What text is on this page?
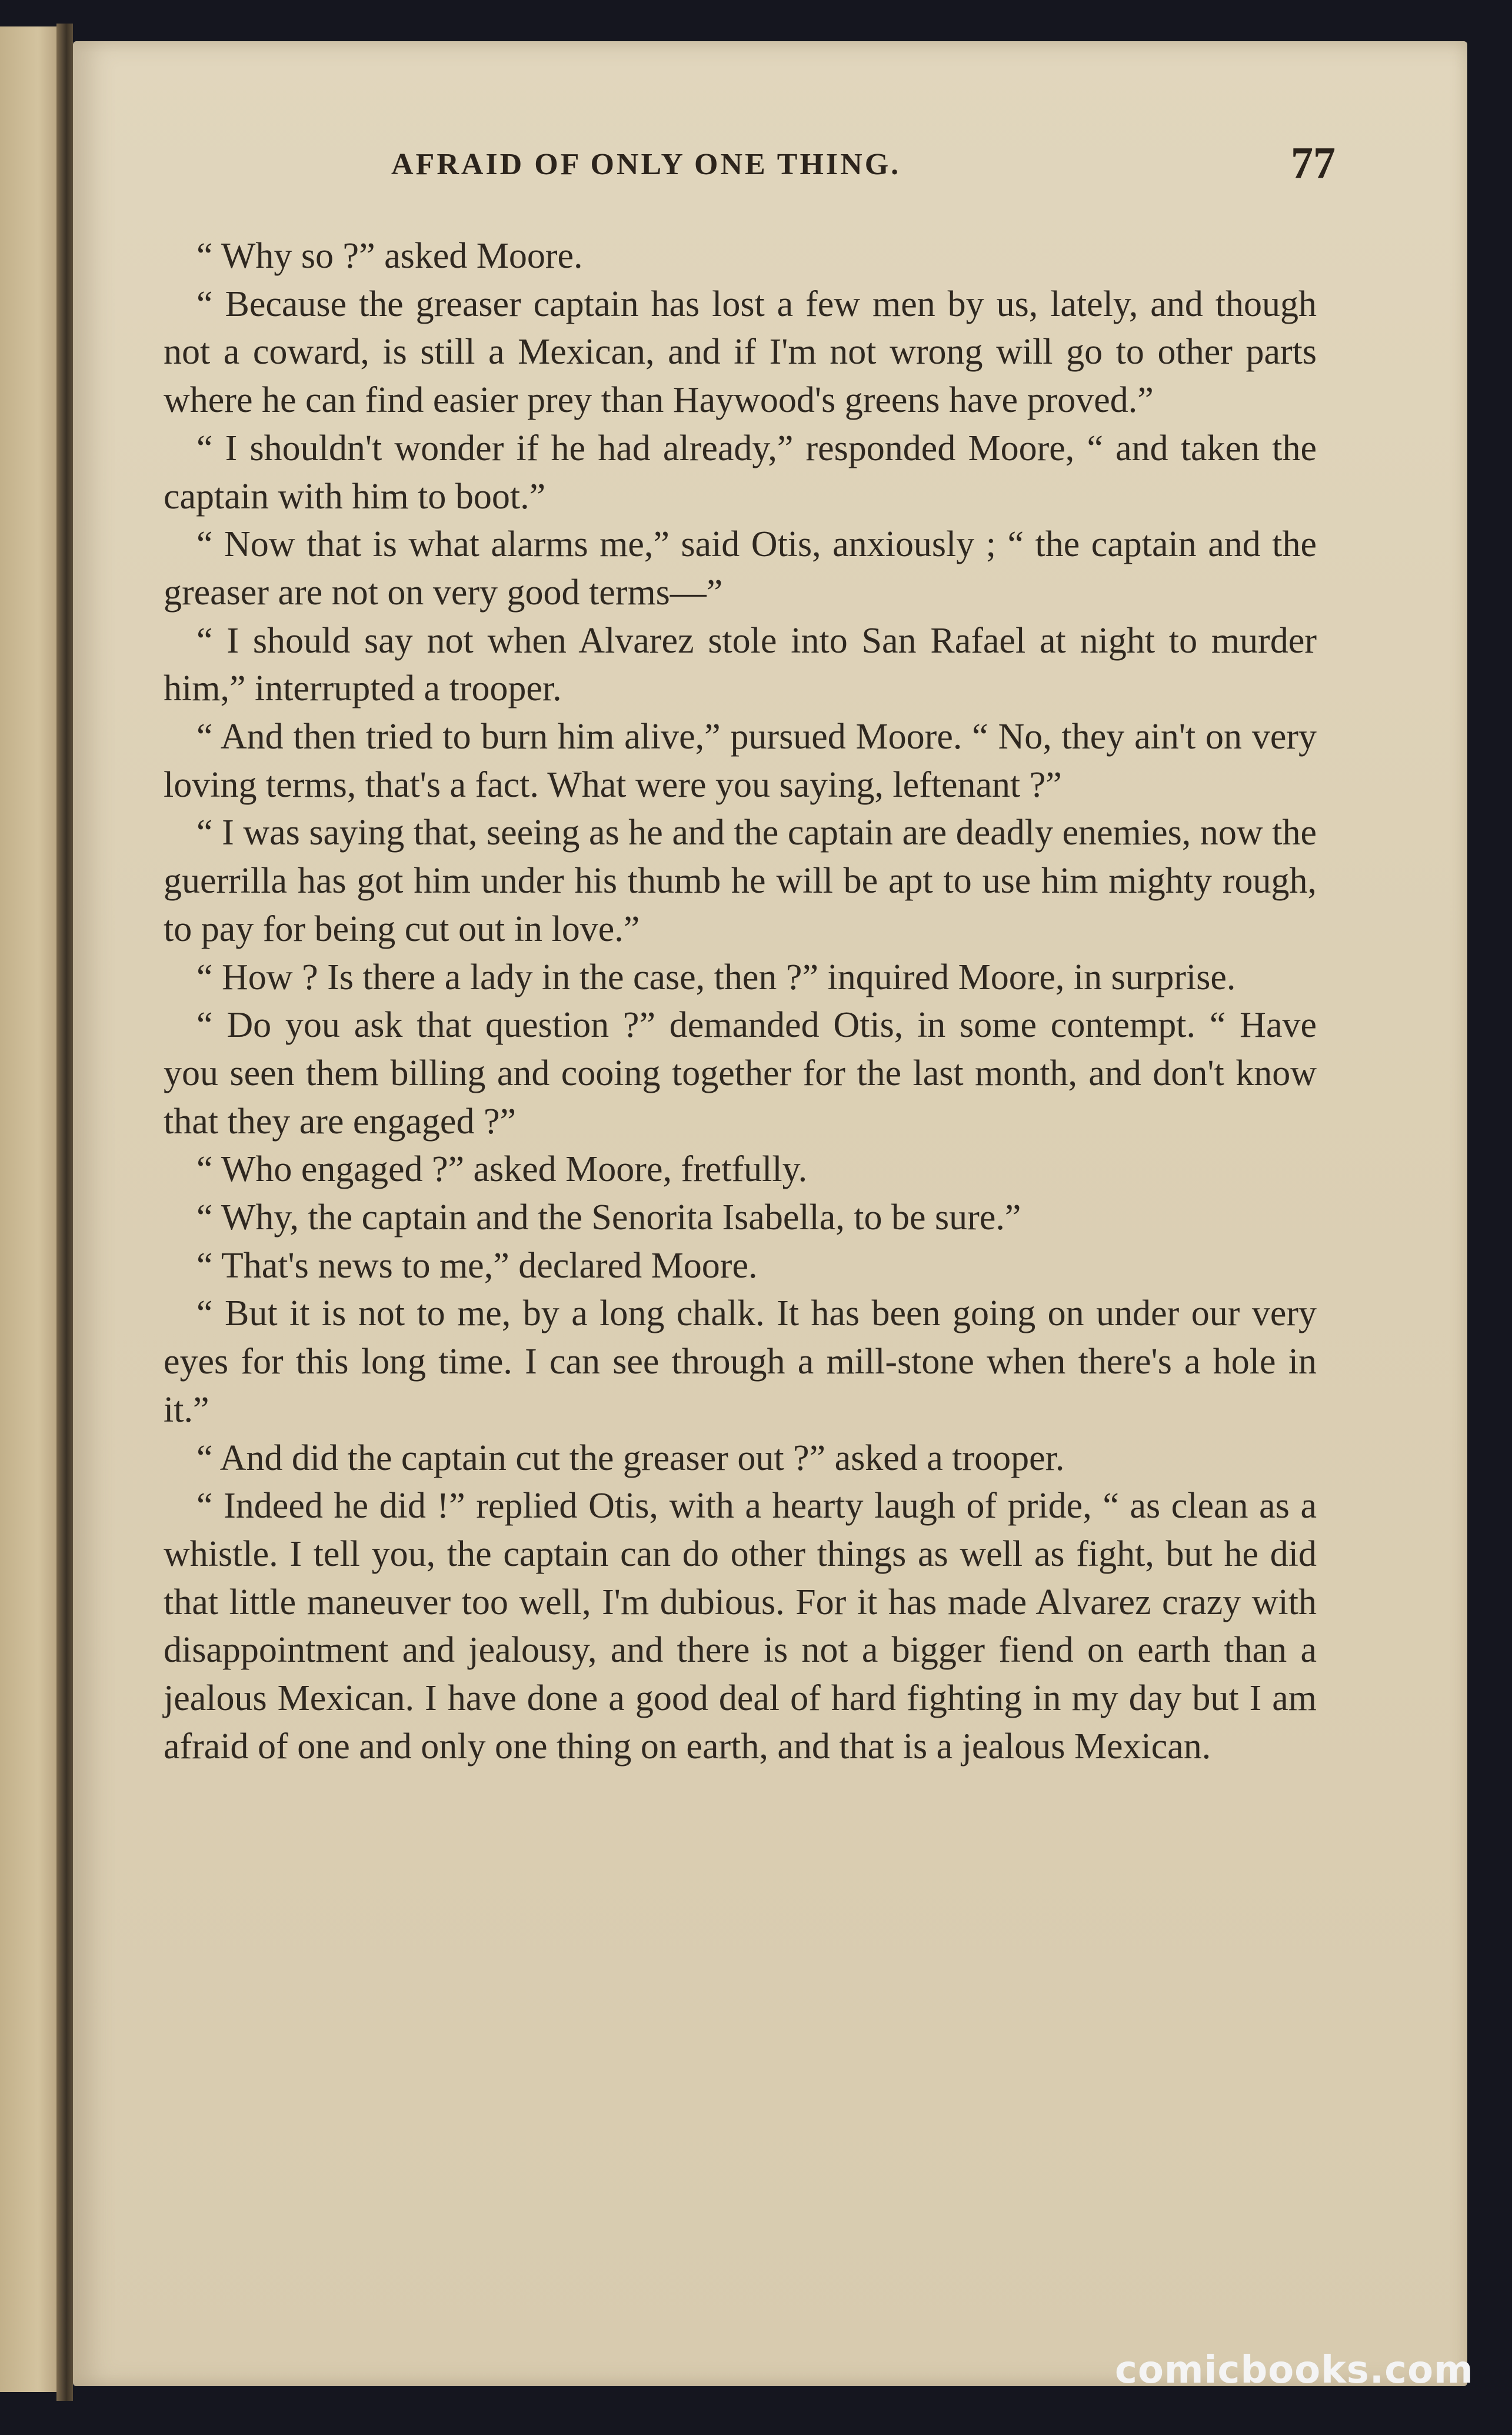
AFRAID OF ONLY ONE THING.	77

“ Why so ?” asked Moore.

“ Because the greaser captain has lost a few men by us, lately, and though not a coward, is still a Mexican, and if I'm not wrong will go to other parts where he can find easier prey than Haywood's greens have proved.”

“ I shouldn't wonder if he had already,” responded Moore, “ and taken the captain with him to boot.”

“ Now that is what alarms me,” said Otis, anxiously ; “ the captain and the greaser are not on very good terms—”

“ I should say not when Alvarez stole into San Rafael at night to murder him,” interrupted a trooper.

“ And then tried to burn him alive,” pursued Moore. “ No, they ain't on very loving terms, that's a fact. What were you saying, leftenant ?”

“ I was saying that, seeing as he and the captain are deadly enemies, now the guerrilla has got him under his thumb he will be apt to use him mighty rough, to pay for being cut out in love.”

“ How ? Is there a lady in the case, then ?” inquired Moore, in surprise.

“ Do you ask that question ?” demanded Otis, in some contempt. “ Have you seen them billing and cooing together for the last month, and don't know that they are engaged ?”

“ Who engaged ?” asked Moore, fretfully.

“ Why, the captain and the Senorita Isabella, to be sure.”

“ That's news to me,” declared Moore.

“ But it is not to me, by a long chalk. It has been going on under our very eyes for this long time. I can see through a mill-stone when there's a hole in it.”

“ And did the captain cut the greaser out ?” asked a trooper.

“ Indeed he did !” replied Otis, with a hearty laugh of pride, “ as clean as a whistle. I tell you, the captain can do other things as well as fight, but he did that little maneuver too well, I'm dubious. For it has made Alvarez crazy with disappointment and jealousy, and there is not a bigger fiend on earth than a jealous Mexican. I have done a good deal of hard fighting in my day but I am afraid of one and only one thing on earth, and that is a jealous Mexican.

comicbooks.com
